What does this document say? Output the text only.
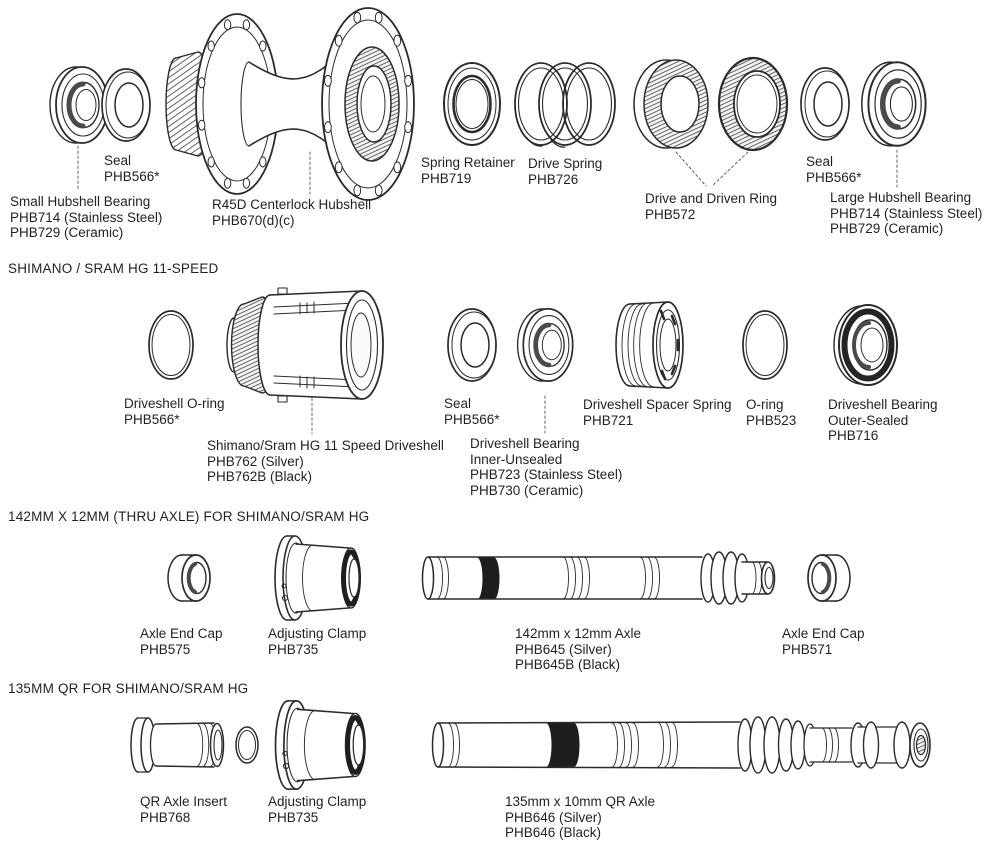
Seal
PHB566*
Small Hubshell Bearing
PHB714 (Stainless Steel)
PHB729 (Ceramic)
R45D Centerlock Hubshell
PHB670(d)(c)
Spring Retainer
PHB719
Drive Spring
PHB726
Drive and Driven Ring
PHB572
Seal
PHB566*
Large Hubshell Bearing
PHB714 (Stainless Steel)
PHB729 (Ceramic)
SHIMANO / SRAM HG 11-SPEED
Driveshell O-ring
PHB566*
Shimano/Sram HG 11 Speed Driveshell
PHB762 (Silver)
PHB762B (Black)
Seal
PHB566*
Driveshell Bearing
Inner-Unsealed
PHB723 (Stainless Steel)
PHB730 (Ceramic)
Driveshell Spacer Spring
PHB721
O-ring
PHB523
Driveshell Bearing
Outer-Sealed
PHB716
142MM X 12MM (THRU AXLE) FOR SHIMANO/SRAM HG
Axle End Cap
PHB575
Adjusting Clamp
PHB735
142mm x 12mm Axle
PHB645 (Silver)
PHB645B (Black)
Axle End Cap
PHB571
135MM QR FOR SHIMANO/SRAM HG
QR Axle Insert
PHB768
Adjusting Clamp
PHB735
135mm x 10mm QR Axle
PHB646 (Silver)
PHB646 (Black)
